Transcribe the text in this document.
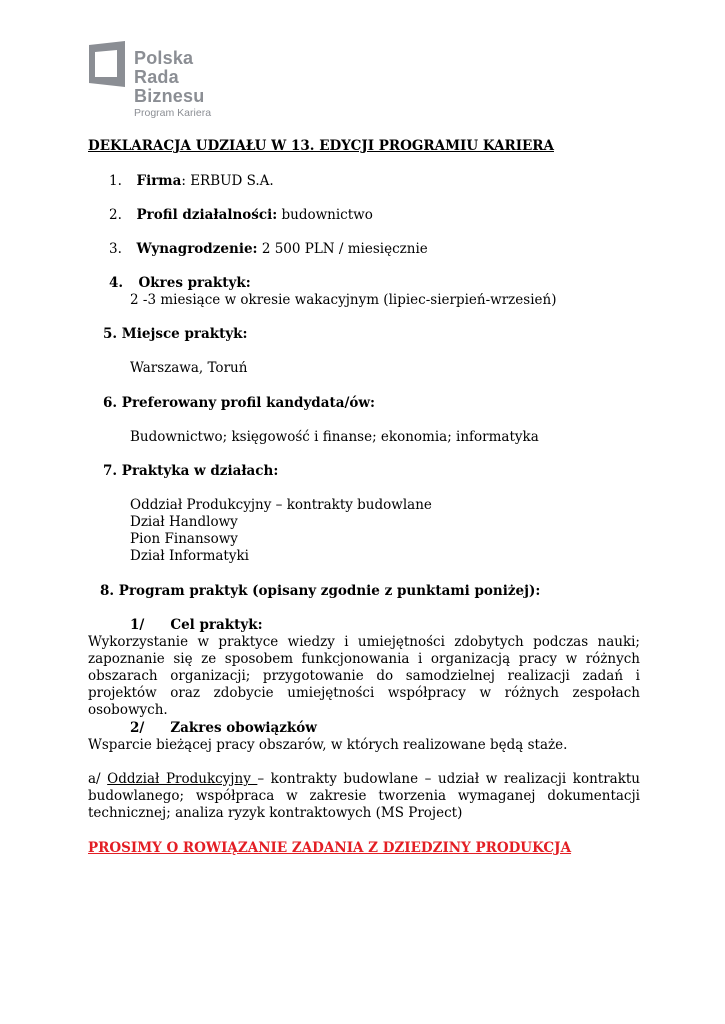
Polska
Rada
Biznesu
Program Kariera
DEKLARACJA UDZIAŁU W 13. EDYCJI PROGRAMIU KARIERA
1. Firma: ERBUD S.A.
2. Profil działalności: budownictwo
3. Wynagrodzenie: 2 500 PLN / miesięcznie
4. Okres praktyk:
2 -3 miesiące w okresie wakacyjnym (lipiec-sierpień-wrzesień)
5. Miejsce praktyk:
Warszawa, Toruń
6. Preferowany profil kandydata/ów:
Budownictwo; księgowość i finanse; ekonomia; informatyka
7. Praktyka w działach:
Oddział Produkcyjny – kontrakty budowlane
Dział Handlowy
Pion Finansowy
Dział Informatyki
8. Program praktyk (opisany zgodnie z punktami poniżej):
1/ Cel praktyk:
Wykorzystanie w praktyce wiedzy i umiejętności zdobytych podczas nauki; zapoznanie się ze sposobem funkcjonowania i organizacją pracy w różnych obszarach organizacji; przygotowanie do samodzielnej realizacji zadań i projektów oraz zdobycie umiejętności współpracy w różnych zespołach osobowych.
2/ Zakres obowiązków
Wsparcie bieżącej pracy obszarów, w których realizowane będą staże.
a/ Oddział Produkcyjny – kontrakty budowlane – udział w realizacji kontraktu budowlanego; współpraca w zakresie tworzenia wymaganej dokumentacji technicznej; analiza ryzyk kontraktowych (MS Project)
PROSIMY O ROWIĄZANIE ZADANIA Z DZIEDZINY PRODUKCJA
